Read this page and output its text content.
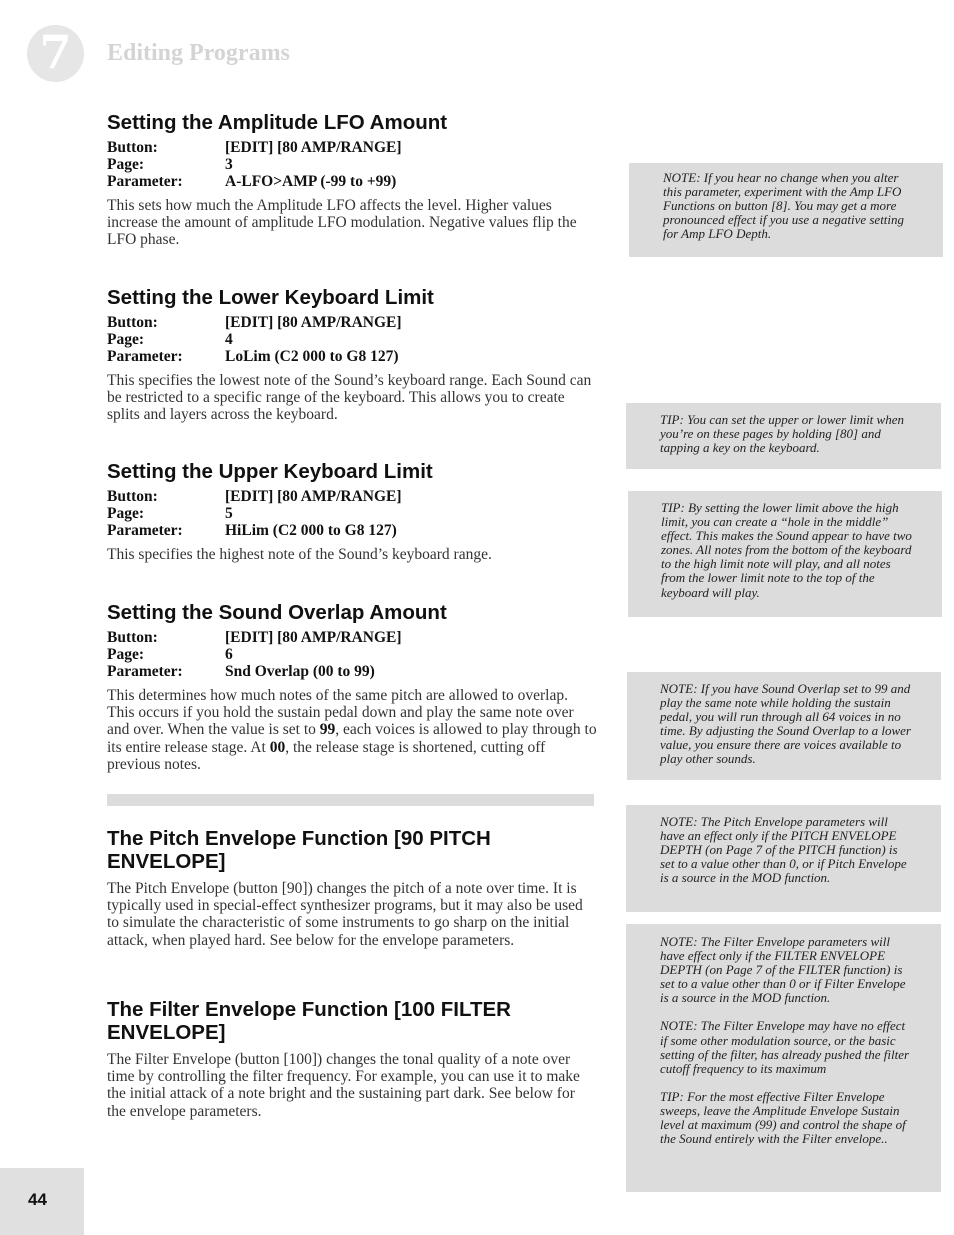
7	Editing Programs
Setting the Amplitude LFO Amount
Button:	[EDIT] [80 AMP/RANGE]
Page:	3
Parameter:	A-LFO>AMP (-99 to +99)
This sets how much the Amplitude LFO affects the level. Higher values increase the amount of amplitude LFO modulation. Negative values flip the LFO phase.
Setting the Lower Keyboard Limit
Button:	[EDIT] [80 AMP/RANGE]
Page:	4
Parameter:	LoLim (C2 000 to G8 127)
This specifies the lowest note of the Sound’s keyboard range. Each Sound can be restricted to a specific range of the keyboard. This allows you to create splits and layers across the keyboard.
Setting the Upper Keyboard Limit
Button:	[EDIT] [80 AMP/RANGE]
Page:	5
Parameter:	HiLim (C2 000 to G8 127)
This specifies the highest note of the Sound’s keyboard range.
Setting the Sound Overlap Amount
Button:	[EDIT] [80 AMP/RANGE]
Page:	6
Parameter:	Snd Overlap (00 to 99)
This determines how much notes of the same pitch are allowed to overlap. This occurs if you hold the sustain pedal down and play the same note over and over. When the value is set to 99, each voices is allowed to play through to its entire release stage. At 00, the release stage is shortened, cutting off previous notes.
The Pitch Envelope Function [90 PITCH ENVELOPE]
The Pitch Envelope (button [90]) changes the pitch of a note over time. It is typically used in special-effect synthesizer programs, but it may also be used to simulate the characteristic of some instruments to go sharp on the initial attack, when played hard. See below for the envelope parameters.
The Filter Envelope Function [100 FILTER ENVELOPE]
The Filter Envelope (button [100]) changes the tonal quality of a note over time by controlling the filter frequency. For example, you can use it to make the initial attack of a note bright and the sustaining part dark. See below for the envelope parameters.

NOTE: If you hear no change when you alter this parameter, experiment with the Amp LFO Functions on button [8]. You may get a more pronounced effect if you use a negative setting for Amp LFO Depth.

TIP: You can set the upper or lower limit when you’re on these pages by holding [80] and tapping a key on the keyboard.

TIP: By setting the lower limit above the high limit, you can create a “hole in the middle” effect. This makes the Sound appear to have two zones. All notes from the bottom of the keyboard to the high limit note will play, and all notes from the lower limit note to the top of the keyboard will play.

NOTE: If you have Sound Overlap set to 99 and play the same note while holding the sustain pedal, you will run through all 64 voices in no time. By adjusting the Sound Overlap to a lower value, you ensure there are voices available to play other sounds.

NOTE: The Pitch Envelope parameters will have an effect only if the PITCH ENVELOPE DEPTH (on Page 7 of the PITCH function) is set to a value other than 0, or if Pitch Envelope is a source in the MOD function.

NOTE: The Filter Envelope parameters will have effect only if the FILTER ENVELOPE DEPTH (on Page 7 of the FILTER function) is set to a value other than 0 or if Filter Envelope is a source in the MOD function.

NOTE: The Filter Envelope may have no effect if some other modulation source, or the basic setting of the filter, has already pushed the filter cutoff frequency to its maximum

TIP: For the most effective Filter Envelope sweeps, leave the Amplitude Envelope Sustain level at maximum (99) and control the shape of the Sound entirely with the Filter envelope..

44
